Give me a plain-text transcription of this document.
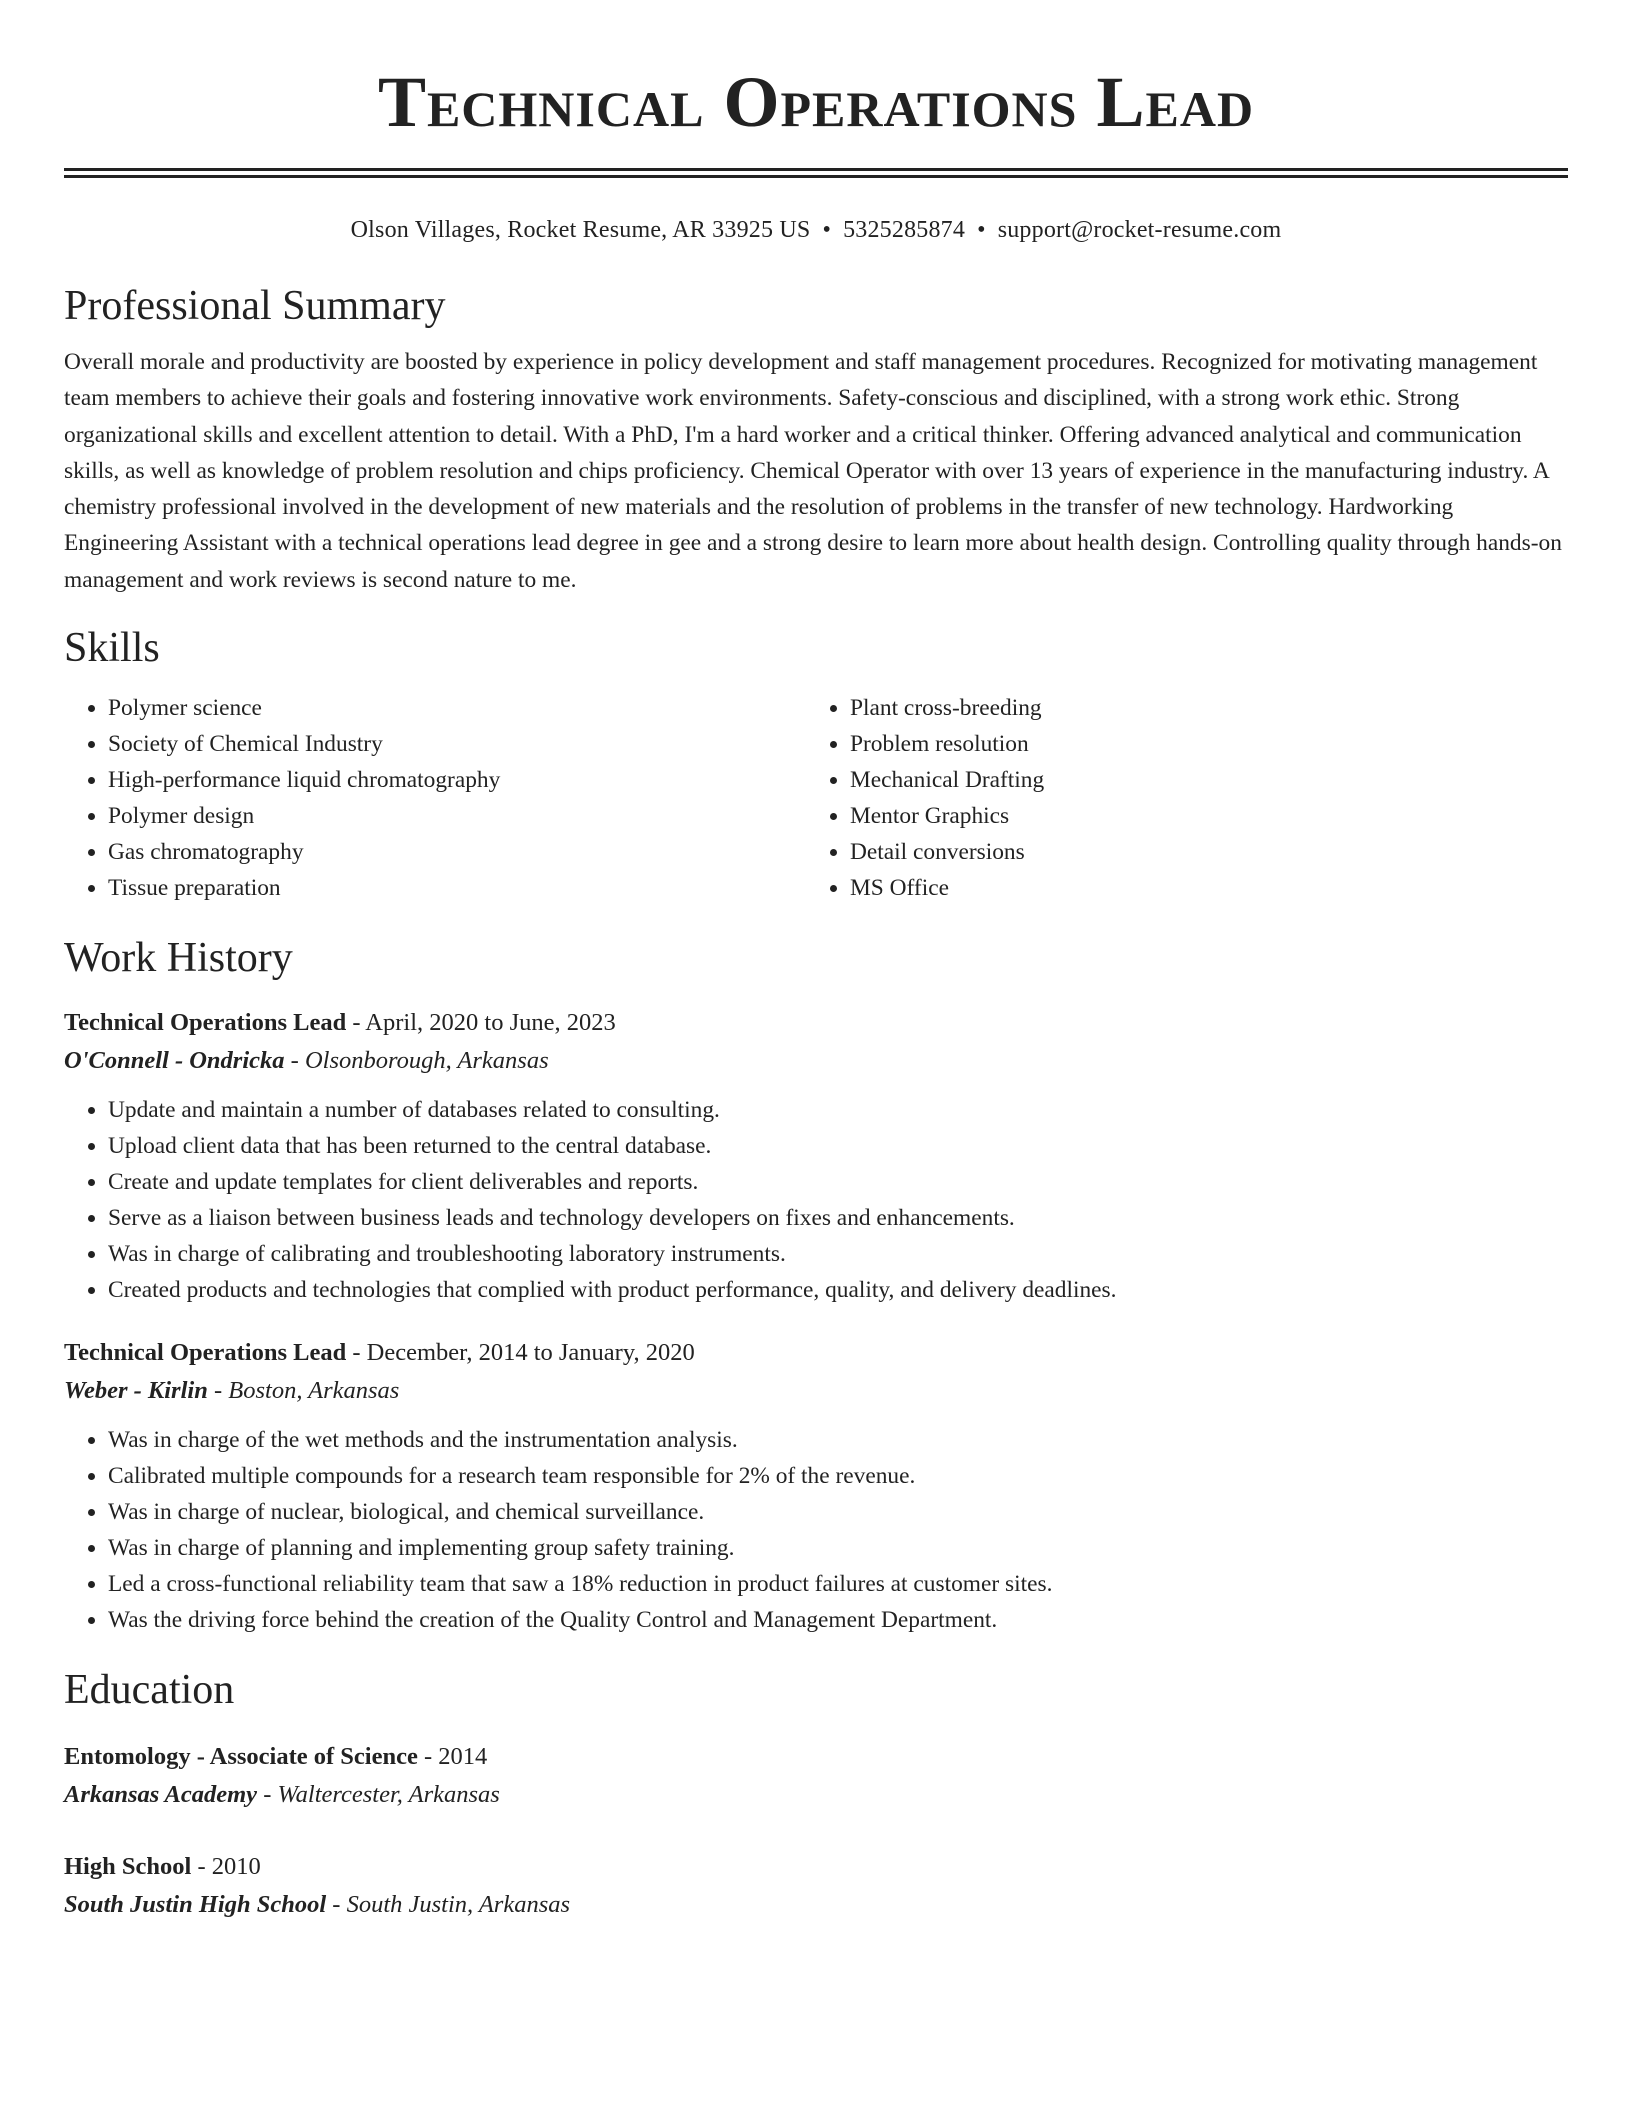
Technical Operations Lead
Olson Villages, Rocket Resume, AR 33925 US • 5325285874 • support@rocket-resume.com
Professional Summary
Overall morale and productivity are boosted by experience in policy development and staff management procedures. Recognized for motivating management team members to achieve their goals and fostering innovative work environments. Safety-conscious and disciplined, with a strong work ethic. Strong organizational skills and excellent attention to detail. With a PhD, I'm a hard worker and a critical thinker. Offering advanced analytical and communication skills, as well as knowledge of problem resolution and chips proficiency. Chemical Operator with over 13 years of experience in the manufacturing industry. A chemistry professional involved in the development of new materials and the resolution of problems in the transfer of new technology. Hardworking Engineering Assistant with a technical operations lead degree in gee and a strong desire to learn more about health design. Controlling quality through hands-on management and work reviews is second nature to me.
Skills
• Polymer science
• Society of Chemical Industry
• High-performance liquid chromatography
• Polymer design
• Gas chromatography
• Tissue preparation
• Plant cross-breeding
• Problem resolution
• Mechanical Drafting
• Mentor Graphics
• Detail conversions
• MS Office
Work History
Technical Operations Lead - April, 2020 to June, 2023
O'Connell - Ondricka - Olsonborough, Arkansas
• Update and maintain a number of databases related to consulting.
• Upload client data that has been returned to the central database.
• Create and update templates for client deliverables and reports.
• Serve as a liaison between business leads and technology developers on fixes and enhancements.
• Was in charge of calibrating and troubleshooting laboratory instruments.
• Created products and technologies that complied with product performance, quality, and delivery deadlines.
Technical Operations Lead - December, 2014 to January, 2020
Weber - Kirlin - Boston, Arkansas
• Was in charge of the wet methods and the instrumentation analysis.
• Calibrated multiple compounds for a research team responsible for 2% of the revenue.
• Was in charge of nuclear, biological, and chemical surveillance.
• Was in charge of planning and implementing group safety training.
• Led a cross-functional reliability team that saw a 18% reduction in product failures at customer sites.
• Was the driving force behind the creation of the Quality Control and Management Department.
Education
Entomology - Associate of Science - 2014
Arkansas Academy - Waltercester, Arkansas
High School - 2010
South Justin High School - South Justin, Arkansas
